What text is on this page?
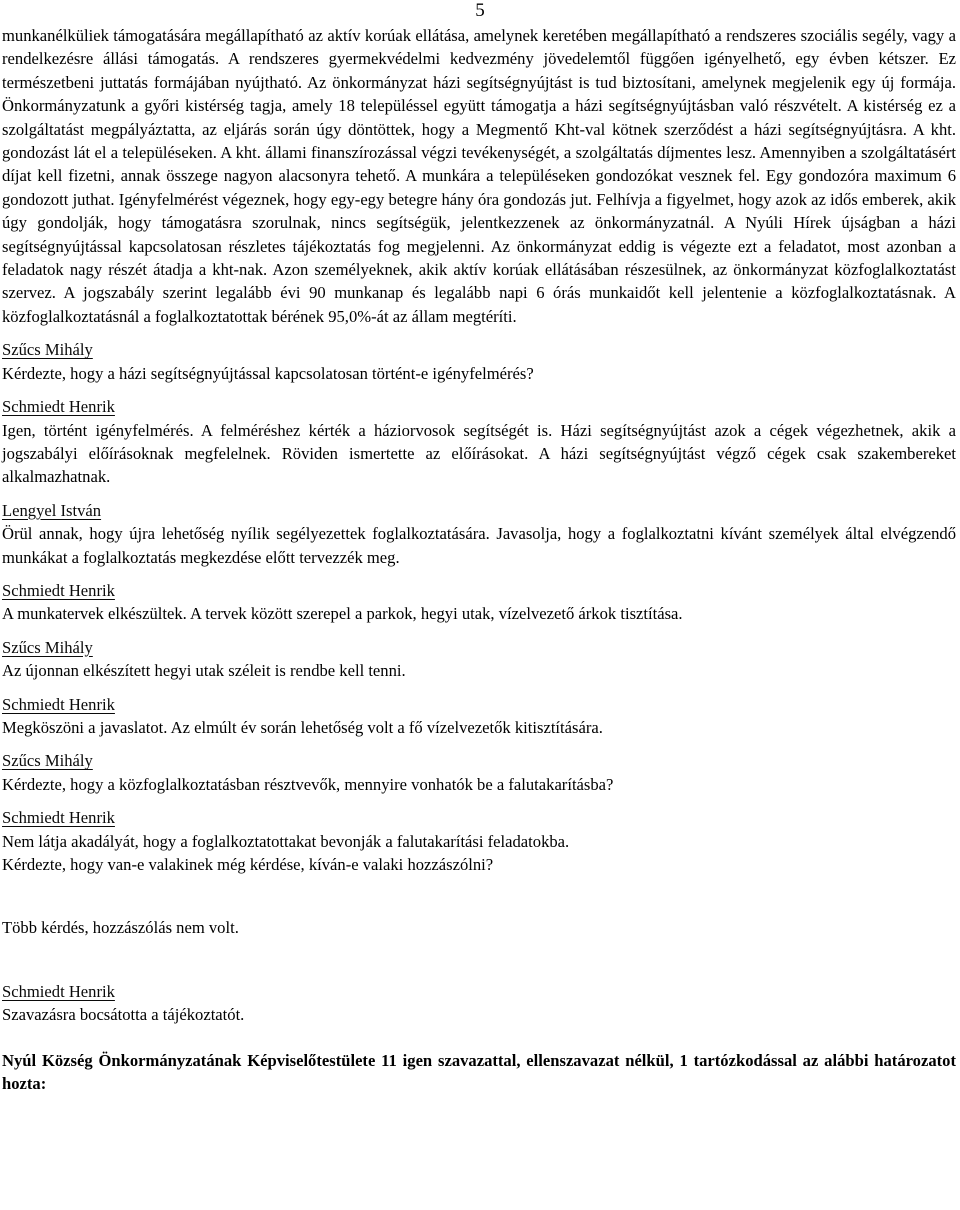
5

munkanélküliek támogatására megállapítható az aktív korúak ellátása, amelynek keretében megállapítható a rendszeres szociális segély, vagy a rendelkezésre állási támogatás. A rendszeres gyermekvédelmi kedvezmény jövedelemtől függően igényelhető, egy évben kétszer. Ez természetbeni juttatás formájában nyújtható. Az önkormányzat házi segítségnyújtást is tud biztosítani, amelynek megjelenik egy új formája. Önkormányzatunk a győri kistérség tagja, amely 18 településsel együtt támogatja a házi segítségnyújtásban való részvételt. A kistérség ez a szolgáltatást megpályáztatta, az eljárás során úgy döntöttek, hogy a Megmentő Kht-val kötnek szerződést a házi segítségnyújtásra. A kht. gondozást lát el a településeken. A kht. állami finanszírozással végzi tevékenységét, a szolgáltatás díjmentes lesz. Amennyiben a szolgáltatásért díjat kell fizetni, annak összege nagyon alacsonyra tehető. A munkára a településeken gondozókat vesznek fel. Egy gondozóra maximum 6 gondozott juthat. Igényfelmérést végeznek, hogy egy-egy betegre hány óra gondozás jut. Felhívja a figyelmet, hogy azok az idős emberek, akik úgy gondolják, hogy támogatásra szorulnak, nincs segítségük, jelentkezzenek az önkormányzatnál. A Nyúli Hírek újságban a házi segítségnyújtással kapcsolatosan részletes tájékoztatás fog megjelenni. Az önkormányzat eddig is végezte ezt a feladatot, most azonban a feladatok nagy részét átadja a kht-nak. Azon személyeknek, akik aktív korúak ellátásában részesülnek, az önkormányzat közfoglalkoztatást szervez. A jogszabály szerint legalább évi 90 munkanap és legalább napi 6 órás munkaidőt kell jelentenie a közfoglalkoztatásnak. A közfoglalkoztatásnál a foglalkoztatottak bérének 95,0%-át az állam megtéríti.

Szűcs Mihály

Kérdezte, hogy a házi segítségnyújtással kapcsolatosan történt-e igényfelmérés?

Schmiedt Henrik

Igen, történt igényfelmérés. A felméréshez kérték a háziorvosok segítségét is. Házi segítségnyújtást azok a cégek végezhetnek, akik a jogszabályi előírásoknak megfelelnek. Röviden ismertette az előírásokat. A házi segítségnyújtást végző cégek csak szakembereket alkalmazhatnak.

Lengyel István

Örül annak, hogy újra lehetőség nyílik segélyezettek foglalkoztatására. Javasolja, hogy a foglalkoztatni kívánt személyek által elvégzendő munkákat a foglalkoztatás megkezdése előtt tervezzék meg.

Schmiedt Henrik

A munkatervek elkészültek. A tervek között szerepel a parkok, hegyi utak, vízelvezető árkok tisztítása.

Szűcs Mihály

Az újonnan elkészített hegyi utak széleit is rendbe kell tenni.

Schmiedt Henrik

Megköszöni a javaslatot. Az elmúlt év során lehetőség volt a fő vízelvezetők kitisztítására.

Szűcs Mihály

Kérdezte, hogy a közfoglalkoztatásban résztvevők, mennyire vonhatók be a falutakarításba?

Schmiedt Henrik

Nem látja akadályát, hogy a foglalkoztatottakat bevonják a falutakarítási feladatokba.

Kérdezte, hogy van-e valakinek még kérdése, kíván-e valaki hozzászólni?

Több kérdés, hozzászólás nem volt.

Schmiedt Henrik

Szavazásra bocsátotta a tájékoztatót.

Nyúl Község Önkormányzatának Képviselőtestülete 11 igen szavazattal, ellenszavazat nélkül, 1 tartózkodással az alábbi határozatot hozta:
